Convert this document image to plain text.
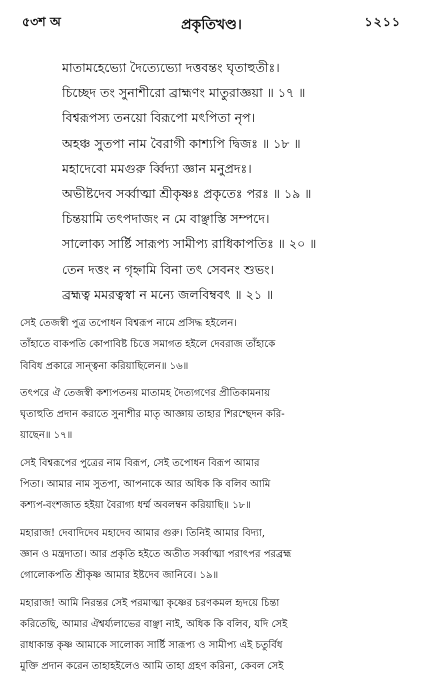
৫৩শ অ	প্রকৃতিখণ্ড।	১২১১
মাতামহেভ্যো দৈত্যেভ্যো দত্তবন্তং ঘৃতাহুতীঃ।
চিচ্ছেদ তং সুনাশীরো ব্রাহ্মণং মাতুরাজ্ঞয়া ॥ ১৭ ॥
বিশ্বরূপস্য তনয়ো বিরূপো মৎপিতা নৃপ।
অহঞ্চ সুতপা নাম বৈরাগী কাশ্যপি দ্বিজঃ ॥ ১৮ ॥
মহাদেবো মমগুরু র্ব্বিদ্যা জ্ঞান মনুপ্রদঃ।
অভীষ্টদেব সর্ব্বাত্মা শ্রীকৃষ্ণঃ প্রকৃতেঃ পরঃ ॥ ১৯ ॥
চিন্তয়ামি তৎপদাজং ন মে বাঞ্ছাস্তি সম্পদে।
সালোক্য সার্ষ্টি সারূপ্য সামীপ্য রাধিকাপতিঃ ॥ ২০ ॥
তেন দত্তং ন গৃহ্নামি বিনা তৎ সেবনং শুভং।
ব্রহ্মত্ব মমরত্বস্বা ন মন্যে জলবিম্ববৎ ॥ ২১ ॥
সেই তেজস্বী পুত্র তপোধন বিশ্বরূপ নামে প্রসিদ্ধ হইলেন।
তাঁহাতে বাকপতি কোপাবিষ্ট চিত্তে সমাগত হইলে দেবরাজ তাঁহাকে
বিবিধ প্রকারে সান্ত্বনা করিয়াছিলেন॥ ১৬॥
তৎপরে ঐ তেজস্বী কশ্যপতনয় মাতামহ দৈত্যগণের প্রীতিকামনায়
ঘৃতাহুতি প্রদান করাতে সুনাশীর মাতৃ আজ্ঞায় তাহার শিরশ্ছেদন করি-
য়াছেন॥ ১৭॥
সেই বিশ্বরূপের পুত্রের নাম বিরূপ, সেই তপোধন বিরূপ আমার
পিতা। আমার নাম সুতপা, আপনাকে আর অধিক কি বলিব আমি
কশ্যপ-বংশজাত হইয়া বৈরাগ্য ধর্ম্ম অবলম্বন করিয়াছি॥ ১৮॥
মহারাজ! দেবাদিদেব মহাদেব আমার গুরু। তিনিই আমার বিদ্যা,
জ্ঞান ও মন্ত্রদাতা। আর প্রকৃতি হইতে অতীত সর্ব্বাত্মা পরাৎপর পরব্রহ্ম
গোলোকপতি শ্রীকৃষ্ণ আমার ইষ্টদেব জানিবে। ১৯॥
মহারাজ! আমি নিরন্তর সেই পরমাত্মা কৃষ্ণের চরণকমল হৃদয়ে চিন্তা
করিতেছি, আমার ঐশ্বর্য্যলাভের বাঞ্ছা নাই, অধিক কি বলিব, যদি সেই
রাধাকান্ত কৃষ্ণ আমাকে সালোক্য সার্ষ্টি সারূপ্য ও সামীপ্য এই চতুর্বিধ
মুক্তি প্রদান করেন তাহাহইলেও আমি তাহা গ্রহণ করিনা, কেবল সেই
